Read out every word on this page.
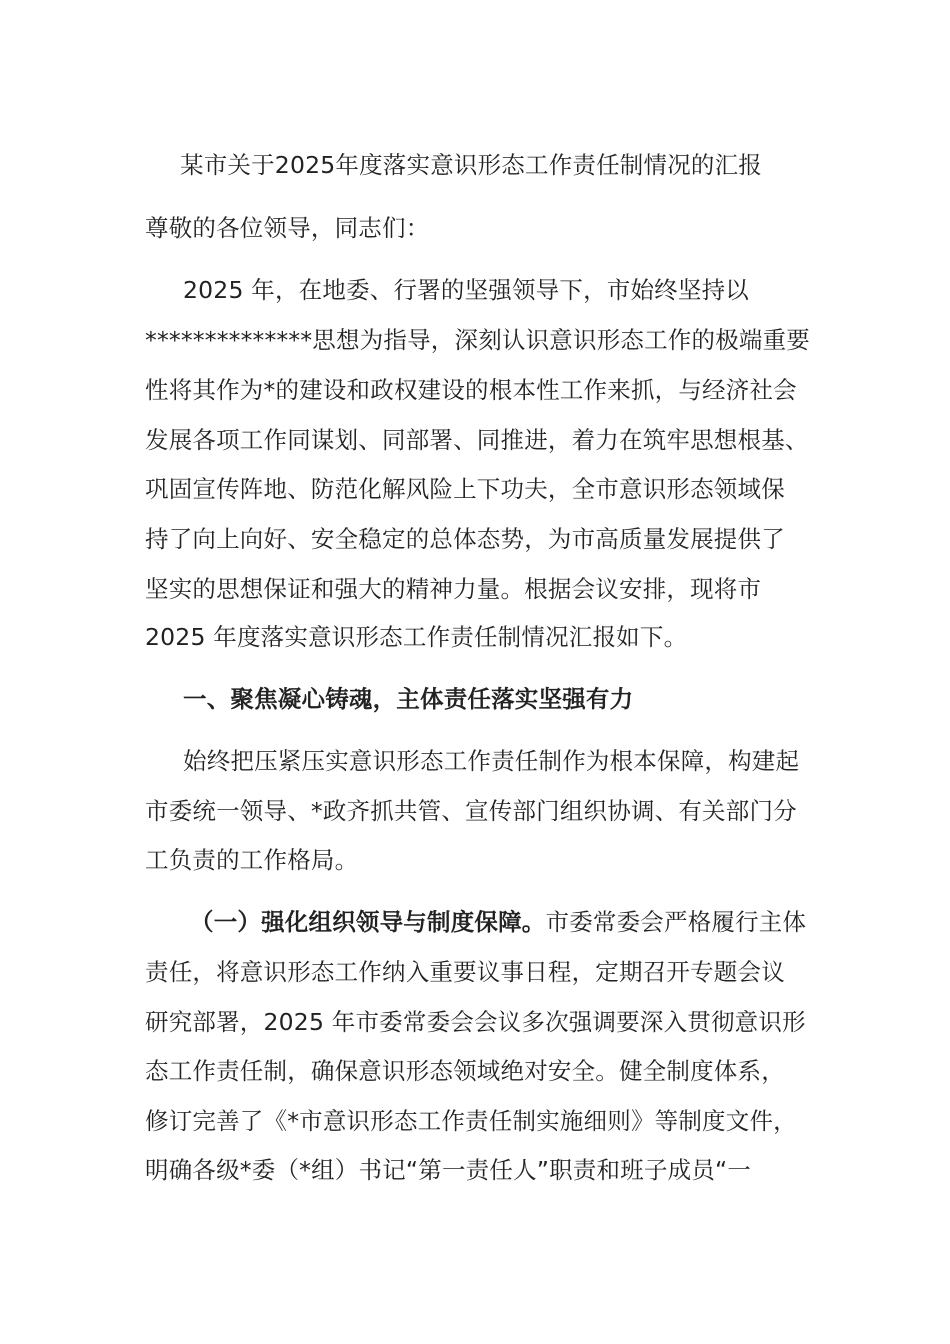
某市关于2025年度落实意识形态工作责任制情况的汇报
尊敬的各位领导，同志们：
2025 年，在地委、行署的坚强领导下，市始终坚持以
**************思想为指导，深刻认识意识形态工作的极端重要
性将其作为*的建设和政权建设的根本性工作来抓，与经济社会
发展各项工作同谋划、同部署、同推进，着力在筑牢思想根基、
巩固宣传阵地、防范化解风险上下功夫，全市意识形态领域保
持了向上向好、安全稳定的总体态势，为市高质量发展提供了
坚实的思想保证和强大的精神力量。根据会议安排，现将市
2025 年度落实意识形态工作责任制情况汇报如下。
一、聚焦凝心铸魂，主体责任落实坚强有力
始终把压紧压实意识形态工作责任制作为根本保障，构建起
市委统一领导、*政齐抓共管、宣传部门组织协调、有关部门分
工负责的工作格局。
（一）强化组织领导与制度保障。市委常委会严格履行主体
责任，将意识形态工作纳入重要议事日程，定期召开专题会议
研究部署，2025 年市委常委会会议多次强调要深入贯彻意识形
态工作责任制，确保意识形态领域绝对安全。健全制度体系，
修订完善了《*市意识形态工作责任制实施细则》等制度文件，
明确各级*委（*组）书记“第一责任人”职责和班子成员“一
